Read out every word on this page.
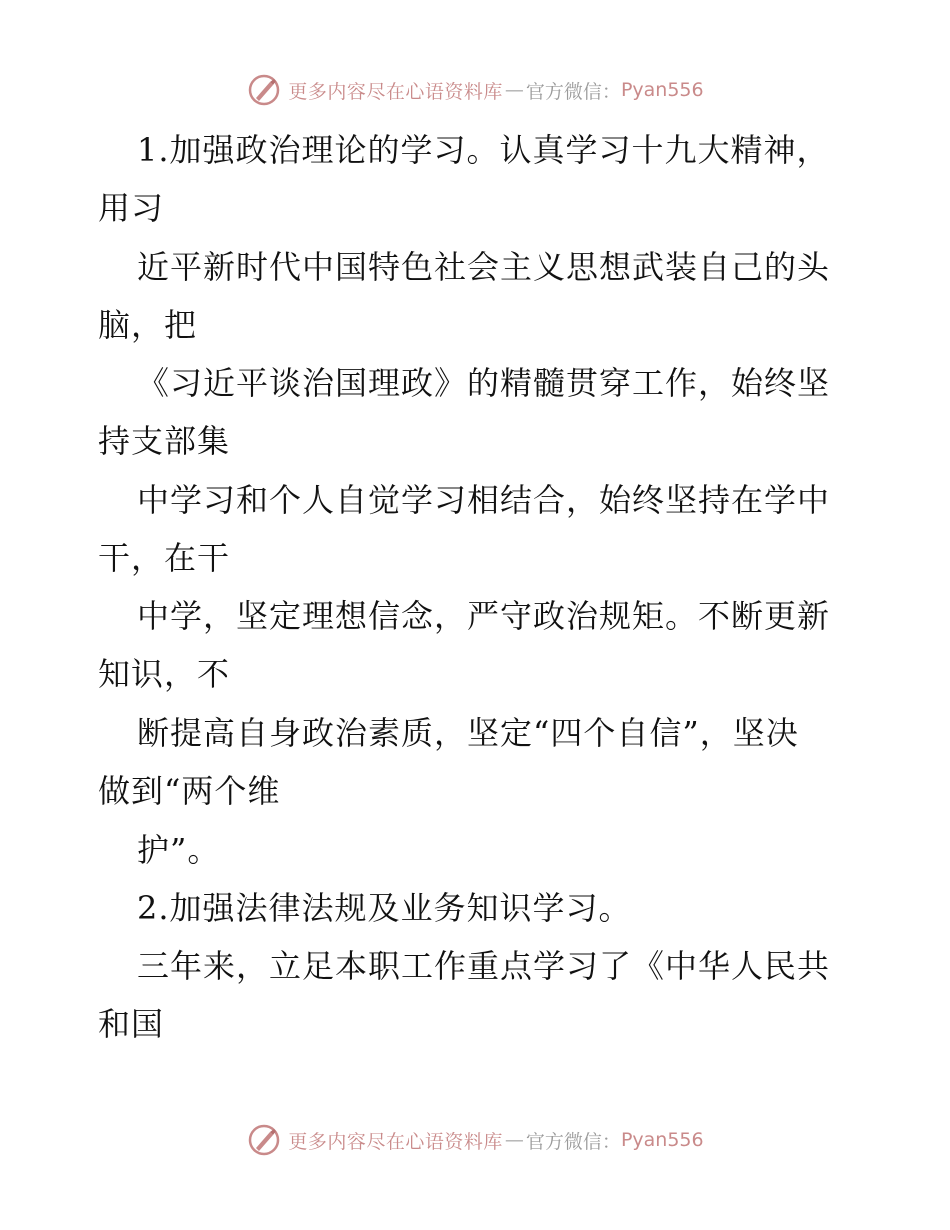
更多内容尽在心语资料库 — 官方微信： Pyan556
1.加强政治理论的学习。认真学习十九大精神，
用习
近平新时代中国特色社会主义思想武装自己的头
脑，把
《习近平谈治国理政》的精髓贯穿工作，始终坚
持支部集
中学习和个人自觉学习相结合，始终坚持在学中
干，在干
中学，坚定理想信念，严守政治规矩。不断更新
知识，不
断提高自身政治素质，坚定“四个自信”，坚决
做到“两个维
护”。
2.加强法律法规及业务知识学习。
三年来，立足本职工作重点学习了《中华人民共
和国
更多内容尽在心语资料库 — 官方微信： Pyan556
